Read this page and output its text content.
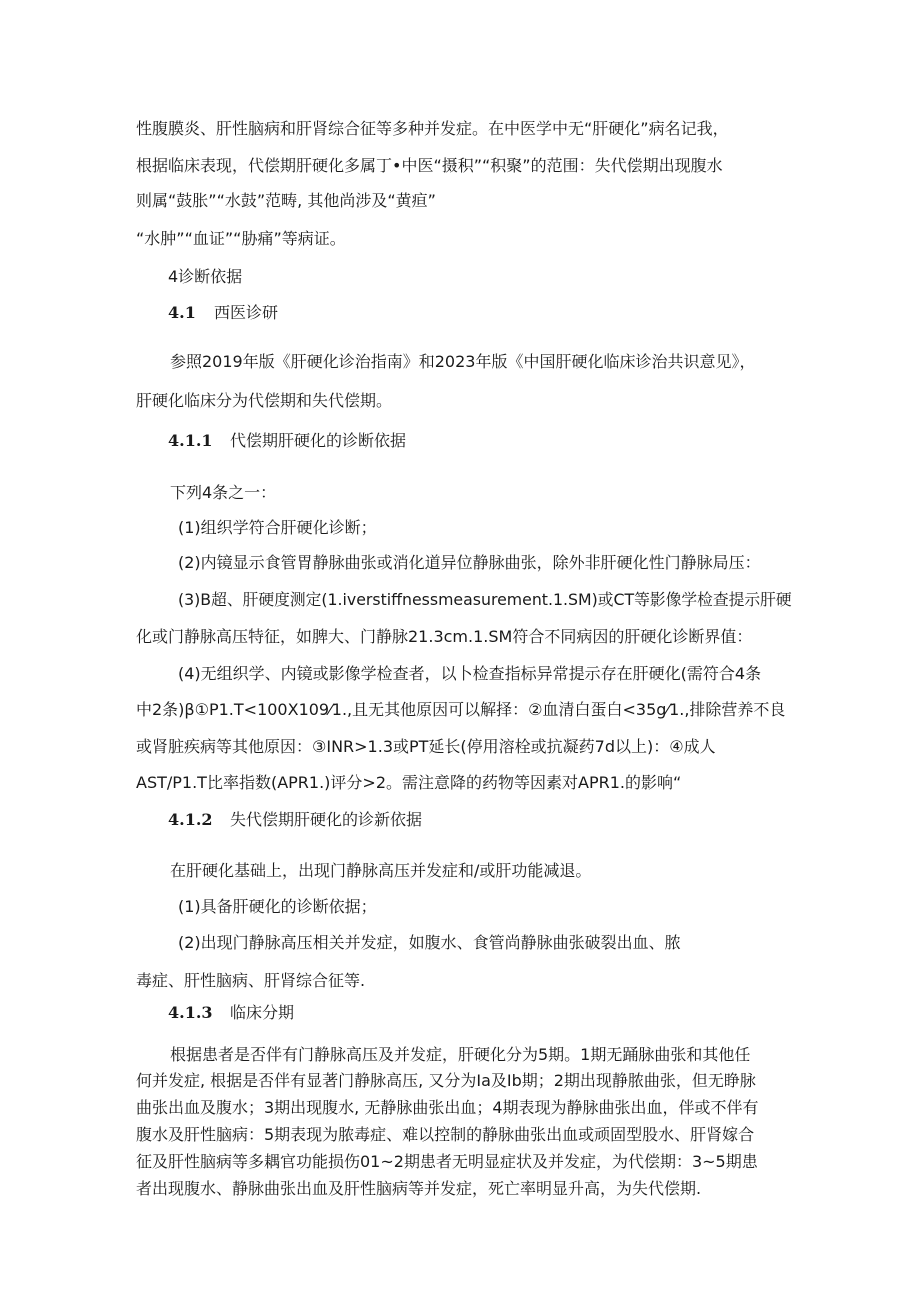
性腹膜炎、肝性脑病和肝肾综合征等多种并发症。在中医学中无“肝硬化”病名记我，
根据临床表现，代偿期肝硬化多属丁•中医“摄积”“积聚”的范围：失代偿期出现腹水
则属“鼓胀”“水鼓”范畴, 其他尚涉及“黄疸”
“水肿”“血证”“胁痛”等病证。
4诊断依据
4.1 西医诊研
参照2019年版《肝硬化诊治指南》和2023年版《中国肝硬化临床诊治共识意见》，
肝硬化临床分为代偿期和失代偿期。
4.1.1 代偿期肝硬化的诊断依据
下列4条之一：
(1)组织学符合肝硬化诊断；
(2)内镜显示食管胃静脉曲张或消化道异位静脉曲张，除外非肝硬化性门静脉局压：
(3)B超、肝硬度测定(1.iverstiffnessmeasurement.1.SM)或CT等影像学检查提示肝硬
化或门静脉高压特征，如脾大、门静脉21.3cm.1.SM符合不同病因的肝硬化诊断界值：
(4)无组织学、内镜或影像学检查者，以卜检查指标异常提示存在肝硬化(需符合4条
中2条)β①P1.T<100X109⁄1.,且无其他原因可以解择：②血清白蛋白<35g⁄1.,排除营养不良
或肾脏疾病等其他原因：③INR>1.3或PT延长(停用溶栓或抗凝药7d以上)：④成人
AST/P1.T比率指数(APR1.)评分>2。需注意降的药物等因素对APR1.的影响“
4.1.2 失代偿期肝硬化的诊新依据
在肝硬化基础上，出现门静脉高压并发症和/或肝功能减退。
(1)具备肝硬化的诊断依据；
(2)出现门静脉高压相关并发症，如腹水、食管尚静脉曲张破裂出血、脓
毒症、肝性脑病、肝肾综合征等.
4.1.3 临床分期
根据患者是否伴有门静脉高压及并发症，肝硬化分为5期。1期无踊脉曲张和其他任
何并发症, 根据是否伴有显著门静脉高压, 又分为Ia及Ib期；2期出现静脓曲张，但无睁脉
曲张出血及腹水；3期出现腹水, 无静脉曲张出血；4期表现为静脉曲张出血，伴或不伴有
腹水及肝性脑病：5期表现为脓毒症、难以控制的静脉曲张出血或顽固型股水、肝肾嫁合
征及肝性脑病等多耦官功能损伤01~2期患者无明显症状及并发症，为代偿期：3~5期患
者出现腹水、静脉曲张出血及肝性脑病等并发症，死亡率明显升高，为失代偿期.
